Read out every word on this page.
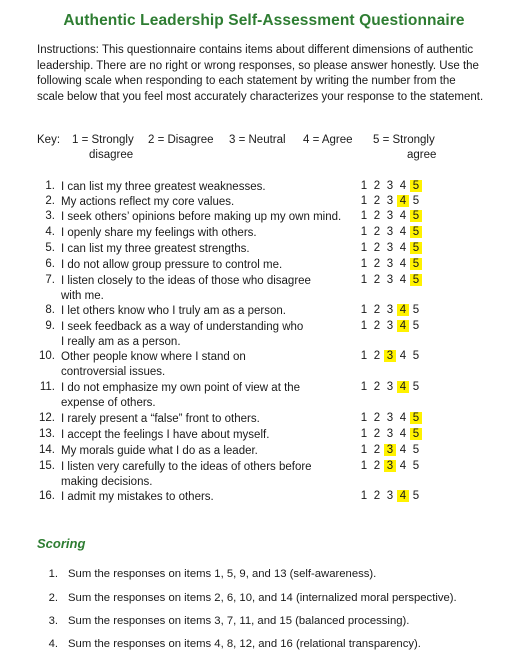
Authentic Leadership Self-Assessment Questionnaire
Instructions: This questionnaire contains items about different dimensions of authentic leadership. There are no right or wrong responses, so please answer honestly. Use the following scale when responding to each statement by writing the number from the scale below that you feel most accurately characterizes your response to the statement.
Key: 1 = Strongly
disagree
2 = Disagree 3 = Neutral 4 = Agree 5 = Strongly
agree
1. I can list my three greatest weaknesses.	1 2 3 4 5
2. My actions reflect my core values.	1 2 3 4 5
3. I seek others’ opinions before making up my own mind.	1 2 3 4 5
4. I openly share my feelings with others.	1 2 3 4 5
5. I can list my three greatest strengths.	1 2 3 4 5
6. I do not allow group pressure to control me.	1 2 3 4 5
7. I listen closely to the ideas of those who disagree
with me.
1 2 3 4 5
8. I let others know who I truly am as a person.	1 2 3 4 5
9. I seek feedback as a way of understanding who
I really am as a person.
1 2 3 4 5
10. Other people know where I stand on
controversial issues.
1 2 3 4 5
11. I do not emphasize my own point of view at the
expense of others.
1 2 3 4 5
12. I rarely present a “false” front to others.	1 2 3 4 5
13. I accept the feelings I have about myself.	1 2 3 4 5
14. My morals guide what I do as a leader.	1 2 3 4 5
15. I listen very carefully to the ideas of others before
making decisions.
1 2 3 4 5
16. I admit my mistakes to others.	1 2 3 4 5
Scoring
1. Sum the responses on items 1, 5, 9, and 13 (self-awareness).
2. Sum the responses on items 2, 6, 10, and 14 (internalized moral perspective).
3. Sum the responses on items 3, 7, 11, and 15 (balanced processing).
4. Sum the responses on items 4, 8, 12, and 16 (relational transparency).
